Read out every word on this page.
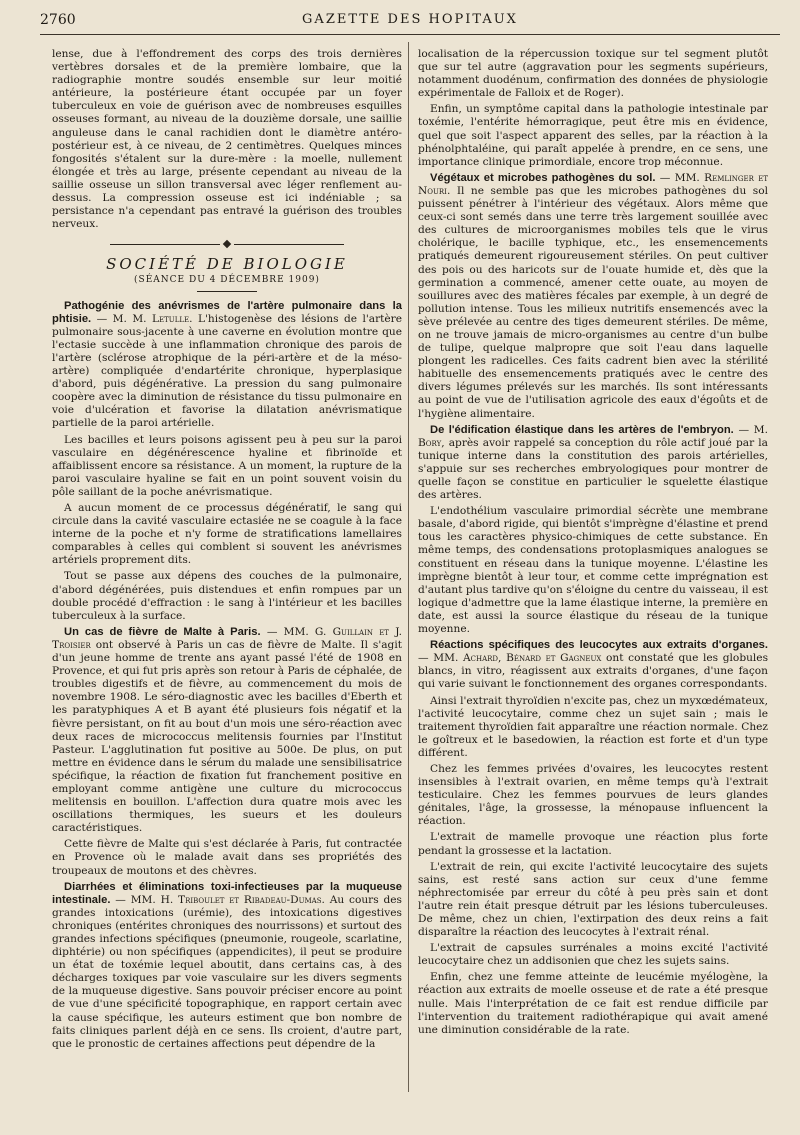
2760	GAZETTE DES HOPITAUX

lense, due à l'effondrement des corps des trois dernières vertèbres dorsales et de la première lombaire, que la radiographie montre soudés ensemble sur leur moitié antérieure, la postérieure étant occupée par un foyer tuberculeux en voie de guérison avec de nombreuses esquilles osseuses formant, au niveau de la douzième dorsale, une saillie anguleuse dans le canal rachidien dont le diamètre antéro-postérieur est, à ce niveau, de 2 centimètres. Quelques minces fongosités s'étalent sur la dure-mère : la moelle, nullement élongée et très au large, présente cependant au niveau de la saillie osseuse un sillon transversal avec léger renflement au-dessus. La compression osseuse est ici indéniable ; sa persistance n'a cependant pas entravé la guérison des troubles nerveux.

SOCIÉTÉ DE BIOLOGIE
(SÉANCE DU 4 DÉCEMBRE 1909)

Pathogénie des anévrismes de l'artère pulmonaire dans la phtisie. — M. M. Letulle. L'histogenèse des lésions de l'artère pulmonaire sous-jacente à une caverne en évolution montre que l'ectasie succède à une inflammation chronique des parois de l'artère (sclérose atrophique de la péri-artère et de la méso-artère) compliquée d'endartérite chronique, hyperplasique d'abord, puis dégénérative. La pression du sang pulmonaire coopère avec la diminution de résistance du tissu pulmonaire en voie d'ulcération et favorise la dilatation anévrismatique partielle de la paroi artérielle.

Les bacilles et leurs poisons agissent peu à peu sur la paroi vasculaire en dégénérescence hyaline et fibrinoïde et affaiblissent encore sa résistance. A un moment, la rupture de la paroi vasculaire hyaline se fait en un point souvent voisin du pôle saillant de la poche anévrismatique.

A aucun moment de ce processus dégénératif, le sang qui circule dans la cavité vasculaire ectasiée ne se coagule à la face interne de la poche et n'y forme de stratifications lamellaires comparables à celles qui comblent si souvent les anévrismes artériels proprement dits.

Tout se passe aux dépens des couches de la pulmonaire, d'abord dégénérées, puis distendues et enfin rompues par un double procédé d'effraction : le sang à l'intérieur et les bacilles tuberculeux à la surface.

Un cas de fièvre de Malte à Paris. — MM. G. Guillain et J. Troisier ont observé à Paris un cas de fièvre de Malte. Il s'agit d'un jeune homme de trente ans ayant passé l'été de 1908 en Provence, et qui fut pris après son retour à Paris de céphalée, de troubles digestifs et de fièvre, au commencement du mois de novembre 1908. Le séro-diagnostic avec les bacilles d'Eberth et les paratyphiques A et B ayant été plusieurs fois négatif et la fièvre persistant, on fit au bout d'un mois une séro-réaction avec deux races de micrococcus melitensis fournies par l'Institut Pasteur. L'agglutination fut positive au 500e. De plus, on put mettre en évidence dans le sérum du malade une sensibilisatrice spécifique, la réaction de fixation fut franchement positive en employant comme antigène une culture du micrococcus melitensis en bouillon. L'affection dura quatre mois avec les oscillations thermiques, les sueurs et les douleurs caractéristiques.

Cette fièvre de Malte qui s'est déclarée à Paris, fut contractée en Provence où le malade avait dans ses propriétés des troupeaux de moutons et des chèvres.

Diarrhées et éliminations toxi-infectieuses par la muqueuse intestinale. — MM. H. Triboulet et Ribadeau-Dumas. Au cours des grandes intoxications (urémie), des intoxications digestives chroniques (entérites chroniques des nourrissons) et surtout des grandes infections spécifiques (pneumonie, rougeole, scarlatine, diphtérie) ou non spécifiques (appendicites), il peut se produire un état de toxémie lequel aboutit, dans certains cas, à des décharges toxiques par voie vasculaire sur les divers segments de la muqueuse digestive. Sans pouvoir préciser encore au point de vue d'une spécificité topographique, en rapport certain avec la cause spécifique, les auteurs estiment que bon nombre de faits cliniques parlent déjà en ce sens. Ils croient, d'autre part, que le pronostic de certaines affections peut dépendre de la

localisation de la répercussion toxique sur tel segment plutôt que sur tel autre (aggravation pour les segments supérieurs, notamment duodénum, confirmation des données de physiologie expérimentale de Falloix et de Roger).

Enfin, un symptôme capital dans la pathologie intestinale par toxémie, l'entérite hémorragique, peut être mis en évidence, quel que soit l'aspect apparent des selles, par la réaction à la phénolphtaléine, qui paraît appelée à prendre, en ce sens, une importance clinique primordiale, encore trop méconnue.

Végétaux et microbes pathogènes du sol. — MM. Remlinger et Nouri. Il ne semble pas que les microbes pathogènes du sol puissent pénétrer à l'intérieur des végétaux. Alors même que ceux-ci sont semés dans une terre très largement souillée avec des cultures de microorganismes mobiles tels que le virus cholérique, le bacille typhique, etc., les ensemencements pratiqués demeurent rigoureusement stériles. On peut cultiver des pois ou des haricots sur de l'ouate humide et, dès que la germination a commencé, amener cette ouate, au moyen de souillures avec des matières fécales par exemple, à un degré de pollution intense. Tous les milieux nutritifs ensemencés avec la sève prélevée au centre des tiges demeurent stériles. De même, on ne trouve jamais de micro-organismes au centre d'un bulbe de tulipe, quelque malpropre que soit l'eau dans laquelle plongent les radicelles. Ces faits cadrent bien avec la stérilité habituelle des ensemencements pratiqués avec le centre des divers légumes prélevés sur les marchés. Ils sont intéressants au point de vue de l'utilisation agricole des eaux d'égoûts et de l'hygiène alimentaire.

De l'édification élastique dans les artères de l'embryon. — M. Bory, après avoir rappelé sa conception du rôle actif joué par la tunique interne dans la constitution des parois artérielles, s'appuie sur ses recherches embryologiques pour montrer de quelle façon se constitue en particulier le squelette élastique des artères.

L'endothélium vasculaire primordial sécrète une membrane basale, d'abord rigide, qui bientôt s'imprègne d'élastine et prend tous les caractères physico-chimiques de cette substance. En même temps, des condensations protoplasmiques analogues se constituent en réseau dans la tunique moyenne. L'élastine les imprègne bientôt à leur tour, et comme cette imprégnation est d'autant plus tardive qu'on s'éloigne du centre du vaisseau, il est logique d'admettre que la lame élastique interne, la première en date, est aussi la source élastique du réseau de la tunique moyenne.

Réactions spécifiques des leucocytes aux extraits d'organes. — MM. Achard, Bénard et Gagneux ont constaté que les globules blancs, in vitro, réagissent aux extraits d'organes, d'une façon qui varie suivant le fonctionnement des organes correspondants.

Ainsi l'extrait thyroïdien n'excite pas, chez un myxœdémateux, l'activité leucocytaire, comme chez un sujet sain ; mais le traitement thyroïdien fait apparaître une réaction normale. Chez le goîtreux et le basedowien, la réaction est forte et d'un type différent.

Chez les femmes privées d'ovaires, les leucocytes restent insensibles à l'extrait ovarien, en même temps qu'à l'extrait testiculaire. Chez les femmes pourvues de leurs glandes génitales, l'âge, la grossesse, la ménopause influencent la réaction.

L'extrait de mamelle provoque une réaction plus forte pendant la grossesse et la lactation.

L'extrait de rein, qui excite l'activité leucocytaire des sujets sains, est resté sans action sur ceux d'une femme néphrectomisée par erreur du côté à peu près sain et dont l'autre rein était presque détruit par les lésions tuberculeuses. De même, chez un chien, l'extirpation des deux reins a fait disparaître la réaction des leucocytes à l'extrait rénal.

L'extrait de capsules surrénales a moins excité l'activité leucocytaire chez un addisonien que chez les sujets sains.

Enfin, chez une femme atteinte de leucémie myélogène, la réaction aux extraits de moelle osseuse et de rate a été presque nulle. Mais l'interprétation de ce fait est rendue difficile par l'intervention du traitement radiothérapique qui avait amené une diminution considérable de la rate.
